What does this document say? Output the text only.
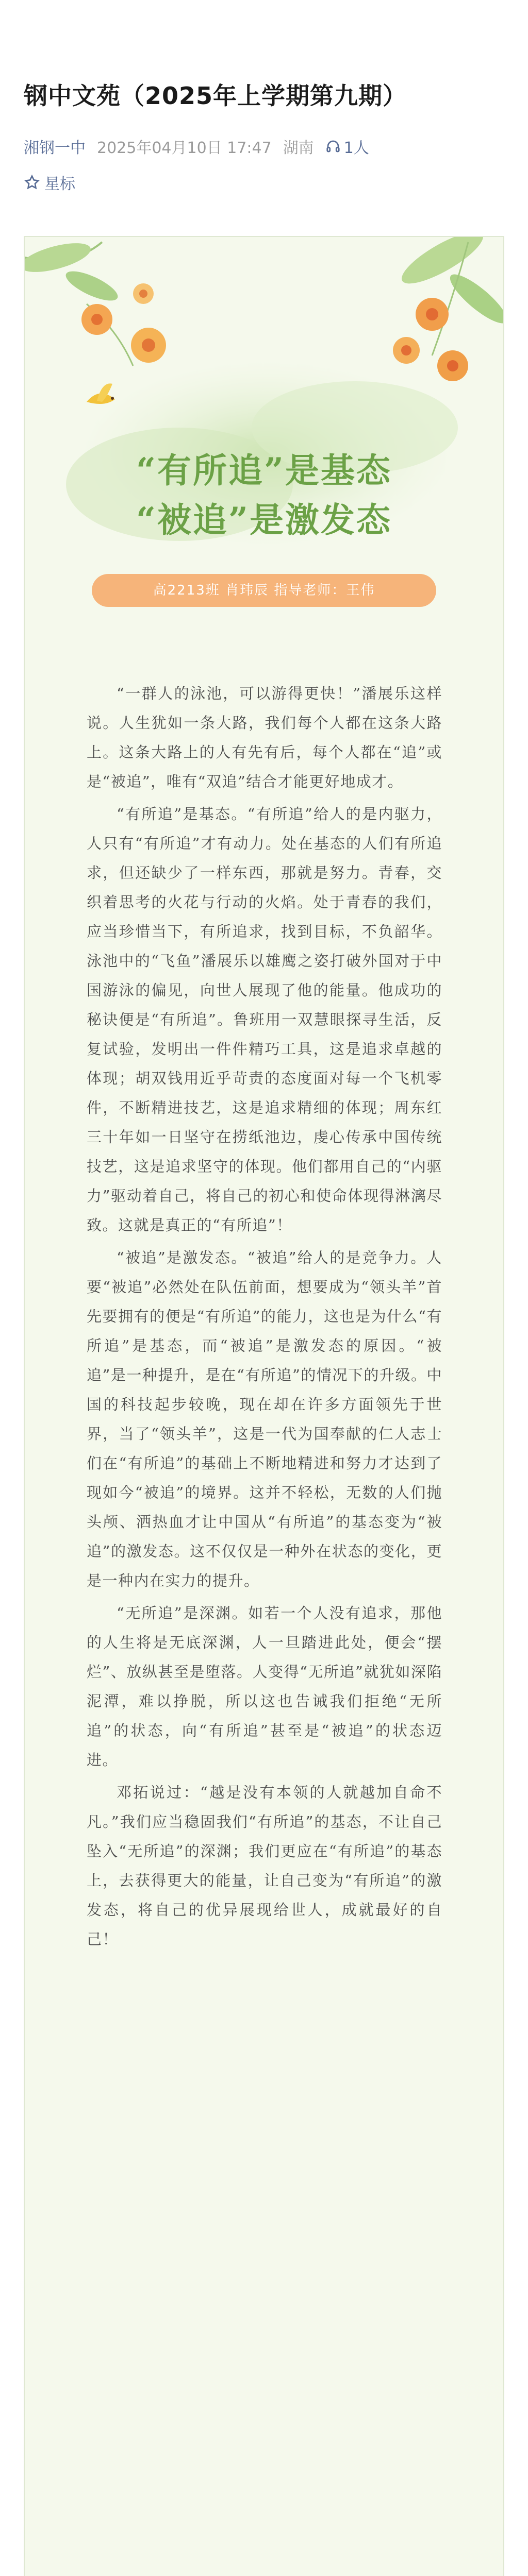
钢中文苑（2025年上学期第九期）
湘钢一中 2025年04月10日 17:47 湖南 1人
星标
“有所追”是基态
“被追”是激发态
高2213班 肖玮辰 指导老师：王伟

“一群人的泳池，可以游得更快！”潘展乐这样说。人生犹如一条大路，我们每个人都在这条大路上。这条大路上的人有先有后，每个人都在“追”或是“被追”，唯有“双追”结合才能更好地成才。

“有所追”是基态。“有所追”给人的是内驱力，人只有“有所追”才有动力。处在基态的人们有所追求，但还缺少了一样东西，那就是努力。青春，交织着思考的火花与行动的火焰。处于青春的我们，应当珍惜当下，有所追求，找到目标，不负韶华。泳池中的“飞鱼”潘展乐以雄鹰之姿打破外国对于中国游泳的偏见，向世人展现了他的能量。他成功的秘诀便是“有所追”。鲁班用一双慧眼探寻生活，反复试验，发明出一件件精巧工具，这是追求卓越的体现；胡双钱用近乎苛责的态度面对每一个飞机零件，不断精进技艺，这是追求精细的体现；周东红三十年如一日坚守在捞纸池边，虔心传承中国传统技艺，这是追求坚守的体现。他们都用自己的“内驱力”驱动着自己，将自己的初心和使命体现得淋漓尽致。这就是真正的“有所追”！

“被追”是激发态。“被追”给人的是竞争力。人要“被追”必然处在队伍前面，想要成为“领头羊”首先要拥有的便是“有所追”的能力，这也是为什么“有所追”是基态，而“被追”是激发态的原因。“被追”是一种提升，是在“有所追”的情况下的升级。中国的科技起步较晚，现在却在许多方面领先于世界，当了“领头羊”，这是一代为国奉献的仁人志士们在“有所追”的基础上不断地精进和努力才达到了现如今“被追”的境界。这并不轻松，无数的人们抛头颅、洒热血才让中国从“有所追”的基态变为“被追”的激发态。这不仅仅是一种外在状态的变化，更是一种内在实力的提升。

“无所追”是深渊。如若一个人没有追求，那他的人生将是无底深渊，人一旦踏进此处，便会“摆烂”、放纵甚至是堕落。人变得“无所追”就犹如深陷泥潭，难以挣脱，所以这也告诫我们拒绝“无所追”的状态，向“有所追”甚至是“被追”的状态迈进。

邓拓说过：“越是没有本领的人就越加自命不凡。”我们应当稳固我们“有所追”的基态，不让自己坠入“无所追”的深渊；我们更应在“有所追”的基态上，去获得更大的能量，让自己变为“有所追”的激发态，将自己的优异展现给世人，成就最好的自己！
